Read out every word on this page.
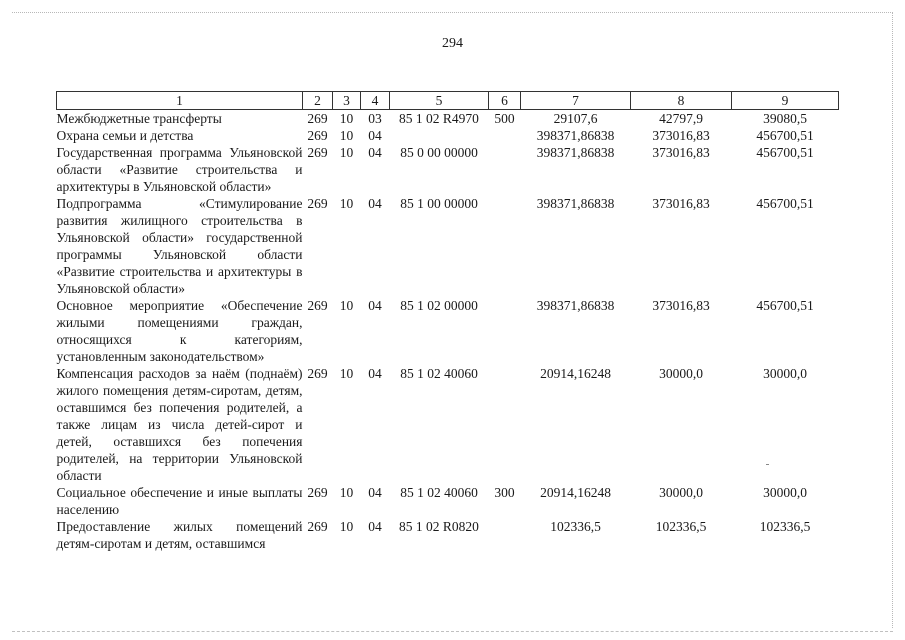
294
1	2	3	4	5	6	7	8	9
Межбюджетные трансферты	269	10	03	85 1 02 R4970	500	29107,6	42797,9	39080,5
Охрана семьи и детства	269	10	04			398371,86838	373016,83	456700,51
Государственная программа Ульяновской области «Развитие строительства и архитектуры в Ульяновской области»	269	10	04	85 0 00 00000		398371,86838	373016,83	456700,51
Подпрограмма «Стимулирование развития жилищного строительства в Ульяновской области» государственной программы Ульяновской области «Развитие строительства и архитектуры в Ульяновской области»	269	10	04	85 1 00 00000		398371,86838	373016,83	456700,51
Основное мероприятие «Обеспечение жилыми помещениями граждан, относящихся к категориям, установленным законодательством»	269	10	04	85 1 02 00000		398371,86838	373016,83	456700,51
Компенсация расходов за наём (поднаём) жилого помещения детям-сиротам, детям, оставшимся без попечения родителей, а также лицам из числа детей-сирот и детей, оставшихся без попечения родителей, на территории Ульяновской области	269	10	04	85 1 02 40060		20914,16248	30000,0	30000,0
Социальное обеспечение и иные выплаты населению	269	10	04	85 1 02 40060	300	20914,16248	30000,0	30000,0
Предоставление жилых помещений детям-сиротам и детям, оставшимся	269	10	04	85 1 02 R0820		102336,5	102336,5	102336,5
